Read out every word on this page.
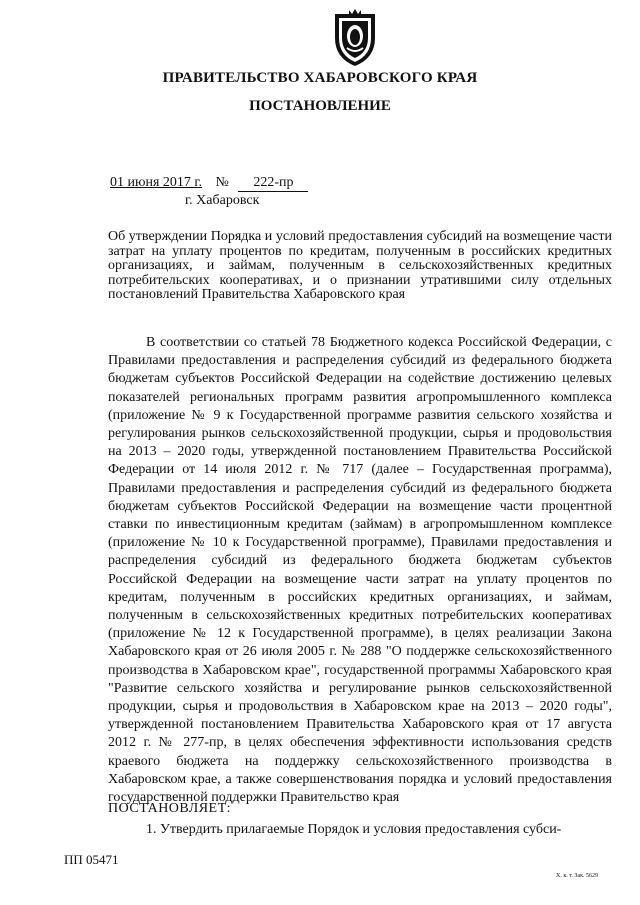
ПРАВИТЕЛЬСТВО ХАБАРОВСКОГО КРАЯ
ПОСТАНОВЛЕНИЕ
01 июня 2017 г. № 222-пр
г. Хабаровск
Об утверждении Порядка и условий предоставления субсидий на возмещение части затрат на уплату процентов по кредитам, полученным в российских кредитных организациях, и займам, полученным в сельскохозяйственных кредитных потребительских кооперативах, и о признании утратившими силу отдельных постановлений Правительства Хабаровского края
В соответствии со статьей 78 Бюджетного кодекса Российской Федерации, с Правилами предоставления и распределения субсидий из федерального бюджета бюджетам субъектов Российской Федерации на содействие достижению целевых показателей региональных программ развития агропромышленного комплекса (приложение № 9 к Государственной программе развития сельского хозяйства и регулирования рынков сельскохозяйственной продукции, сырья и продовольствия на 2013 – 2020 годы, утвержденной постановлением Правительства Российской Федерации от 14 июля 2012 г. № 717 (далее – Государственная программа), Правилами предоставления и распределения субсидий из федерального бюджета бюджетам субъектов Российской Федерации на возмещение части процентной ставки по инвестиционным кредитам (займам) в агропромышленном комплексе (приложение № 10 к Государственной программе), Правилами предоставления и распределения субсидий из федерального бюджета бюджетам субъектов Российской Федерации на возмещение части затрат на уплату процентов по кредитам, полученным в российских кредитных организациях, и займам, полученным в сельскохозяйственных кредитных потребительских кооперативах (приложение № 12 к Государственной программе), в целях реализации Закона Хабаровского края от 26 июля 2005 г. № 288 "О поддержке сельскохозяйственного производства в Хабаровском крае", государственной программы Хабаровского края "Развитие сельского хозяйства и регулирование рынков сельскохозяйственной продукции, сырья и продовольствия в Хабаровском крае на 2013 – 2020 годы", утвержденной постановлением Правительства Хабаровского края от 17 августа 2012 г. № 277-пр, в целях обеспечения эффективности использования средств краевого бюджета на поддержку сельскохозяйственного производства в Хабаровском крае, а также совершенствования порядка и условий предоставления государственной поддержки Правительство края
ПОСТАНОВЛЯЕТ:
1. Утвердить прилагаемые Порядок и условия предоставления субси-
ПП 05471
Х. к. т. Зак. 5629
